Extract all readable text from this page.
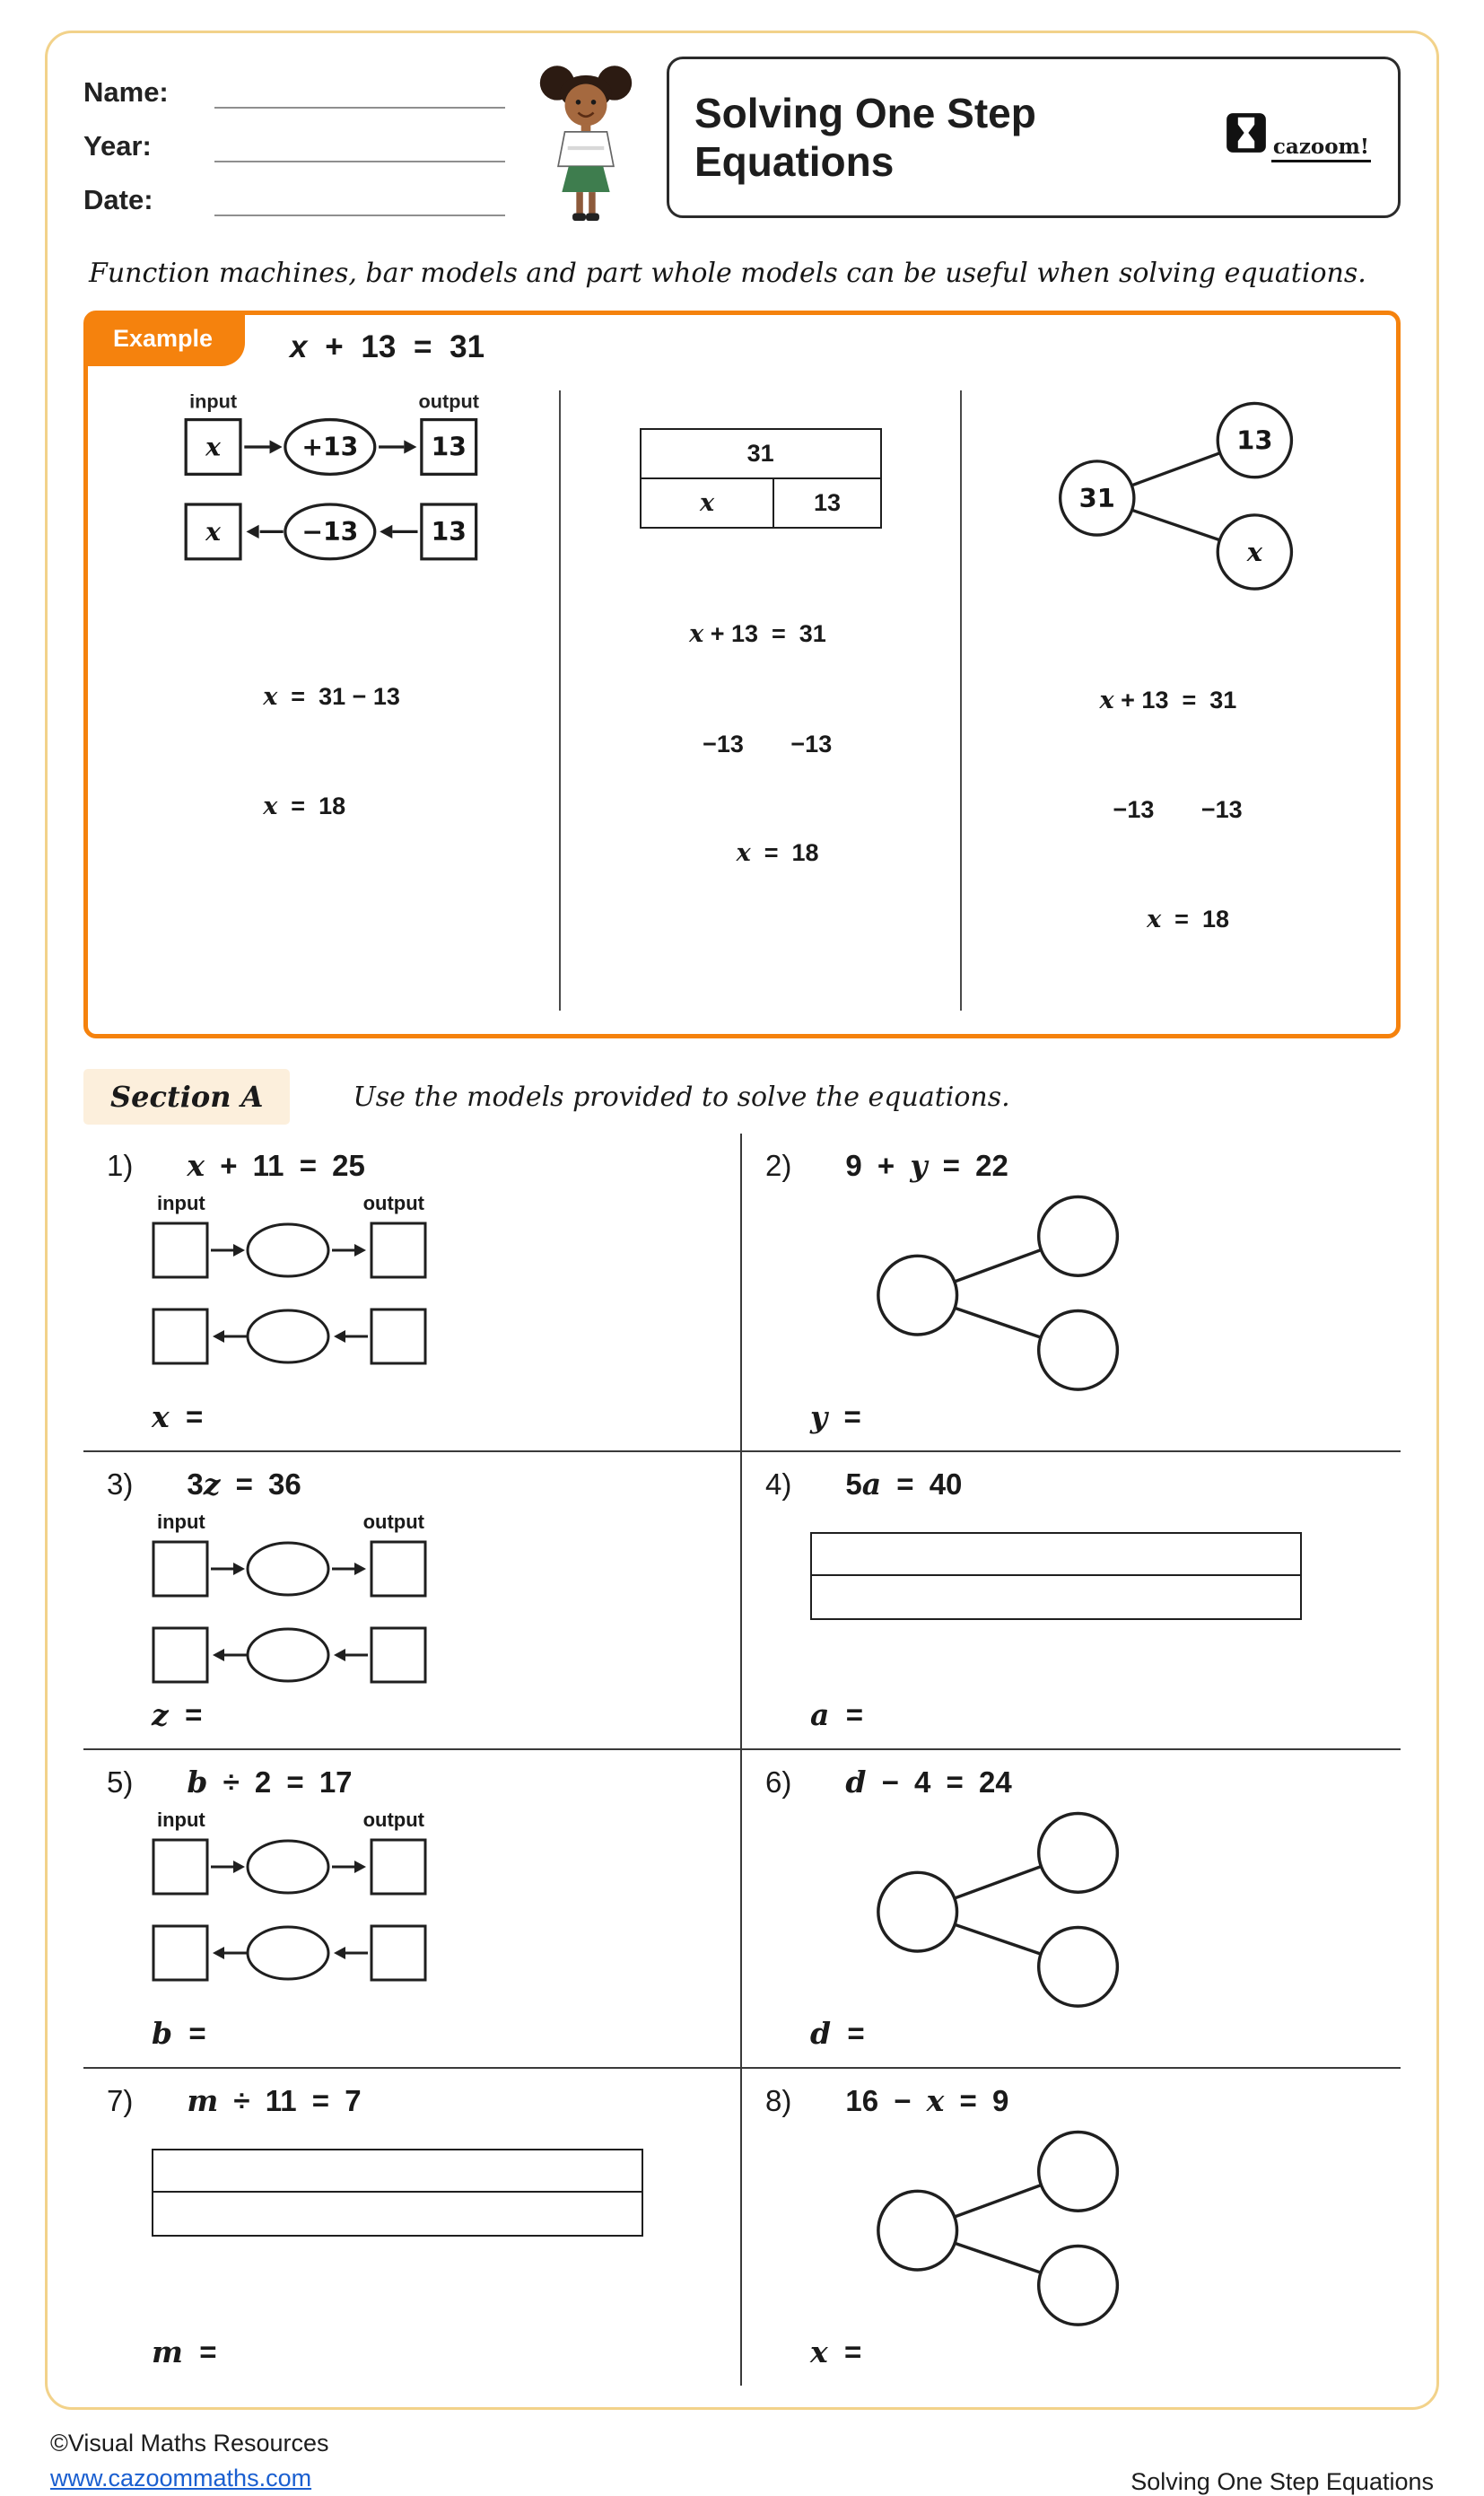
Name:
Year:
Date:
Solving One Step
Equations	cazoom!
Function machines, bar models and part whole models can be useful when solving equations.
Example	x + 13 = 31
input	output
x	+13	13
x	−13	13

x  =  31 − 13

x  =  18

31
x	13

x + 13  =  31

−13       −13

x  =  18

31
13
x

x + 13  =  31

−13       −13

x  =  18

Section A	Use the models provided to solve the equations.
1) x + 11 = 25
input	output
x  =
2) 9 + y = 22
y  =
3) 3z = 36
input	output
z  =
4) 5a = 40
a  =
5) b ÷ 2 = 17
input	output
b  =
6) d − 4 = 24
d  =
7) m ÷ 11 = 7
m  =
8) 16 − x = 9
x  =
©Visual Maths Resources
www.cazoommaths.com	Solving One Step Equations
